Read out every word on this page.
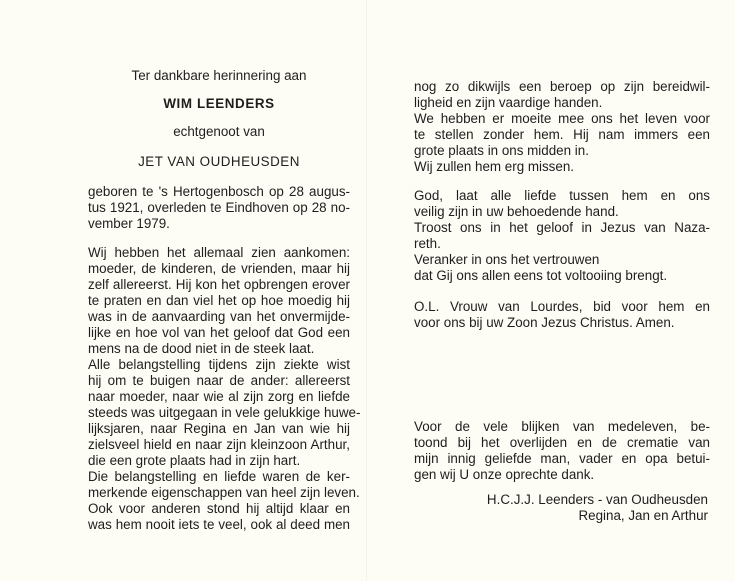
Ter dankbare herinnering aan
WIM LEENDERS
echtgenoot van
JET VAN OUDHEUSDEN
geboren te 's Hertogenbosch op 28 augus-
tus 1921, overleden te Eindhoven op 28 no-
vember 1979.
Wij hebben het allemaal zien aankomen:
moeder, de kinderen, de vrienden, maar hij
zelf allereerst. Hij kon het opbrengen erover
te praten en dan viel het op hoe moedig hij
was in de aanvaarding van het onvermijde-
lijke en hoe vol van het geloof dat God een
mens na de dood niet in de steek laat.
Alle belangstelling tijdens zijn ziekte wist
hij om te buigen naar de ander: allereerst
naar moeder, naar wie al zijn zorg en liefde
steeds was uitgegaan in vele gelukkige huwe-
lijksjaren, naar Regina en Jan van wie hij
zielsveel hield en naar zijn kleinzoon Arthur,
die een grote plaats had in zijn hart.
Die belangstelling en liefde waren de ker-
merkende eigenschappen van heel zijn leven.
Ook voor anderen stond hij altijd klaar en
was hem nooit iets te veel, ook al deed men
nog zo dikwijls een beroep op zijn bereidwil-
ligheid en zijn vaardige handen.
We hebben er moeite mee ons het leven voor
te stellen zonder hem. Hij nam immers een
grote plaats in ons midden in.
Wij zullen hem erg missen.
God, laat alle liefde tussen hem en ons
veilig zijn in uw behoedende hand.
Troost ons in het geloof in Jezus van Naza-
reth.
Veranker in ons het vertrouwen
dat Gij ons allen eens tot voltooiing brengt.
O.L. Vrouw van Lourdes, bid voor hem en
voor ons bij uw Zoon Jezus Christus. Amen.
Voor de vele blijken van medeleven, be-
toond bij het overlijden en de crematie van
mijn innig geliefde man, vader en opa betui-
gen wij U onze oprechte dank.
H.C.J.J. Leenders - van Oudheusden
Regina, Jan en Arthur
